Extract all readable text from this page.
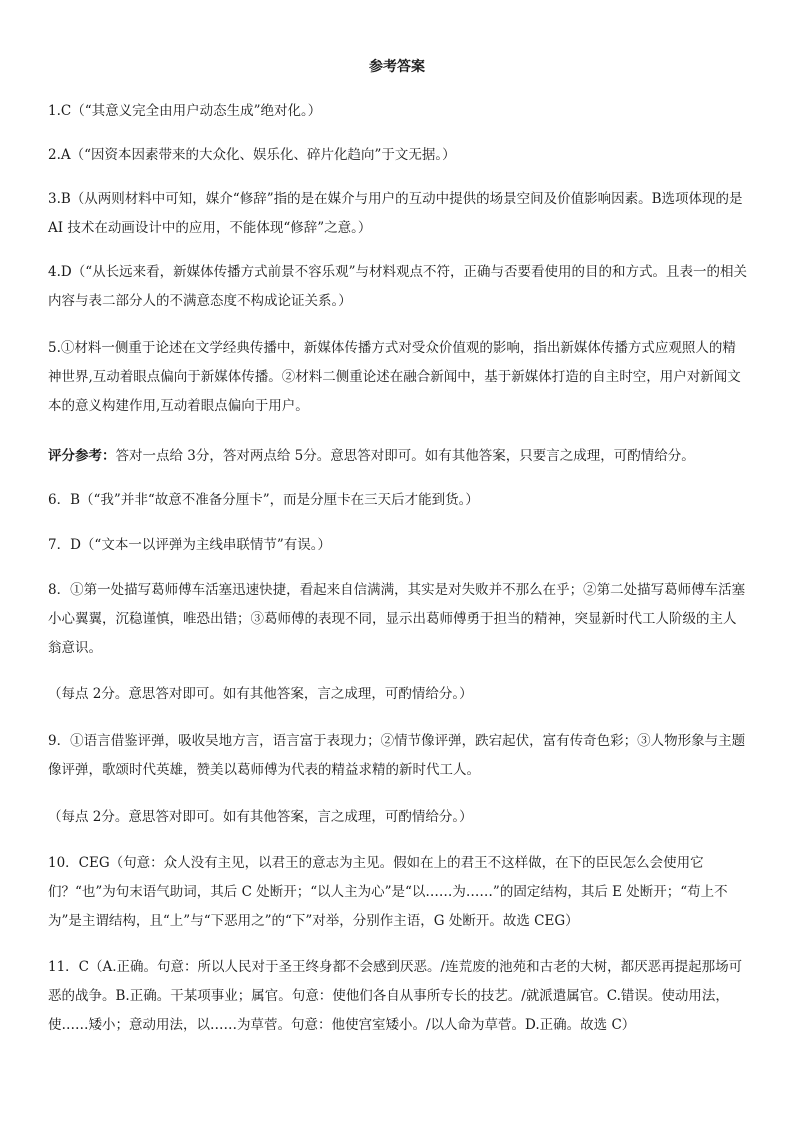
参考答案

1.C（“其意义完全由用户动态生成”绝对化。）

2.A（“因资本因素带来的大众化、娱乐化、碎片化趋向”于文无据。）

3.B（从两则材料中可知，媒介“修辞”指的是在媒介与用户的互动中提供的场景空间及价值影响因素。B选项体现的是 AI 技术在动画设计中的应用，不能体现“修辞”之意。）

4.D（“从长远来看，新媒体传播方式前景不容乐观”与材料观点不符，正确与否要看使用的目的和方式。且表一的相关内容与表二部分人的不满意态度不构成论证关系。）

5.①材料一侧重于论述在文学经典传播中，新媒体传播方式对受众价值观的影响，指出新媒体传播方式应观照人的精神世界,互动着眼点偏向于新媒体传播。②材料二侧重论述在融合新闻中，基于新媒体打造的自主时空，用户对新闻文本的意义构建作用,互动着眼点偏向于用户。

评分参考：答对一点给 3分，答对两点给 5分。意思答对即可。如有其他答案，只要言之成理，可酌情给分。

6．B（“我”并非“故意不准备分厘卡”，而是分厘卡在三天后才能到货。）

7．D（“文本一以评弹为主线串联情节”有误。）

8．①第一处描写葛师傅车活塞迅速快捷，看起来自信满满，其实是对失败并不那么在乎；②第二处描写葛师傅车活塞小心翼翼，沉稳谨慎，唯恐出错；③葛师傅的表现不同，显示出葛师傅勇于担当的精神，突显新时代工人阶级的主人翁意识。

（每点 2分。意思答对即可。如有其他答案，言之成理，可酌情给分。）

9．①语言借鉴评弹，吸收吴地方言，语言富于表现力；②情节像评弹，跌宕起伏，富有传奇色彩；③人物形象与主题像评弹，歌颂时代英雄，赞美以葛师傅为代表的精益求精的新时代工人。

（每点 2分。意思答对即可。如有其他答案，言之成理，可酌情给分。）

10．CEG（句意：众人没有主见，以君王的意志为主见。假如在上的君王不这样做，在下的臣民怎么会使用它们？“也”为句末语气助词，其后 C 处断开；“以人主为心”是“以……为……”的固定结构，其后 E 处断开；“苟上不为”是主谓结构，且“上”与“下恶用之”的“下”对举，分别作主语，G 处断开。故选 CEG）

11．C（A.正确。句意：所以人民对于圣王终身都不会感到厌恶。/连荒废的池苑和古老的大树，都厌恶再提起那场可恶的战争。B.正确。干某项事业；属官。句意：使他们各自从事所专长的技艺。/就派遣属官。C.错误。使动用法，使……矮小；意动用法，以……为草菅。句意：他使宫室矮小。/以人命为草菅。D.正确。故选 C）
